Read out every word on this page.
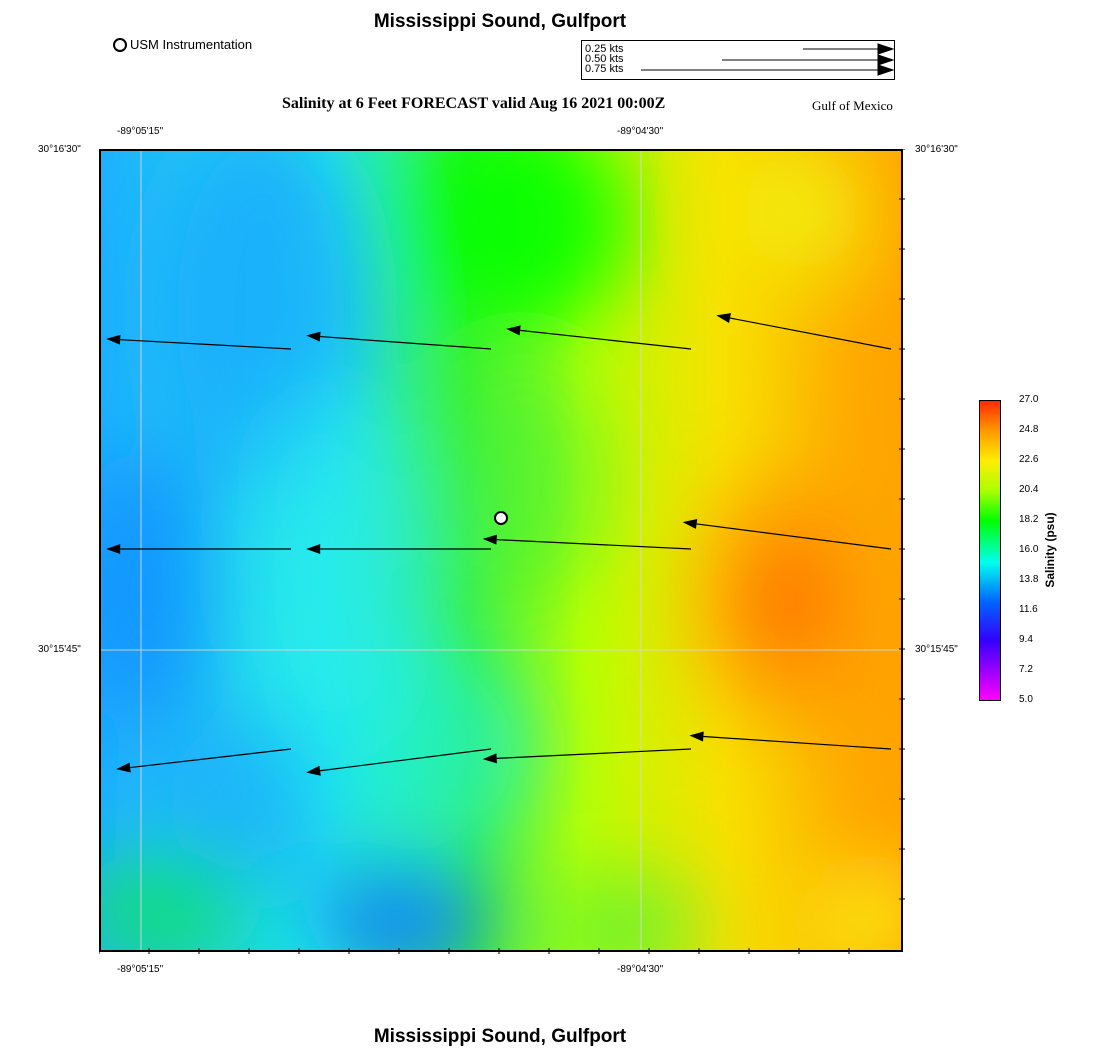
Mississippi Sound, Gulfport
USM Instrumentation	0.25 kts
0.50 kts
0.75 kts
Salinity at 6 Feet FORECAST valid Aug 16 2021 00:00Z	Gulf of Mexico
-89°05'15"	-89°04'30"
-89°05'15"	-89°04'30"
30°16'30"
30°15'45"
30°16'30"
30°15'45"
27.0
24.8
22.6
20.4
18.2
16.0
13.8
11.6
9.4
7.2
5.0
Salinity (psu)
Mississippi Sound, Gulfport
